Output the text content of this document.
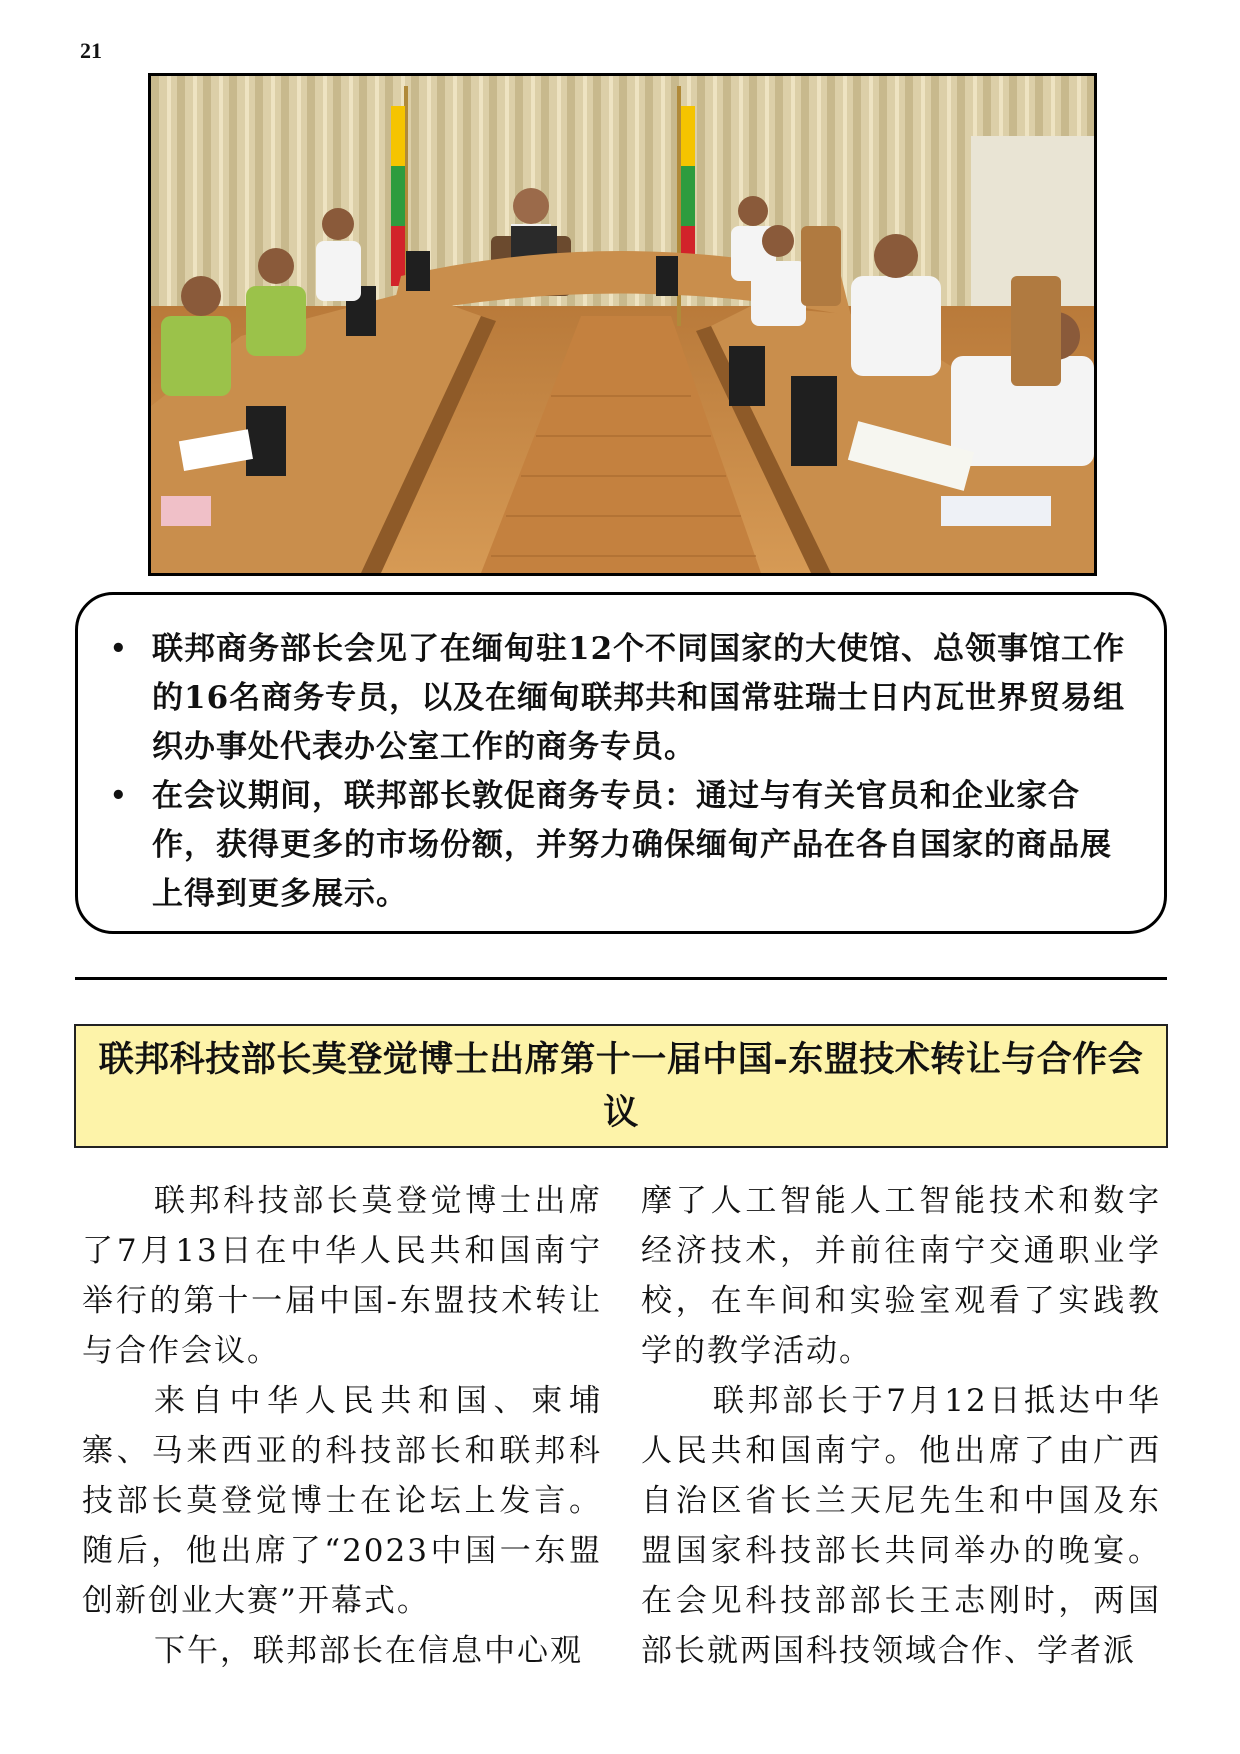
21
• 联邦商务部长会见了在缅甸驻12个不同国家的大使馆、总领事馆工作的16名商务专员，以及在缅甸联邦共和国常驻瑞士日内瓦世界贸易组织办事处代表办公室工作的商务专员。
• 在会议期间，联邦部长敦促商务专员：通过与有关官员和企业家合作，获得更多的市场份额，并努力确保缅甸产品在各自国家的商品展上得到更多展示。
联邦科技部长莫登觉博士出席第十一届中国-东盟技术转让与合作会议

联邦科技部长莫登觉博士出席了7月13日在中华人民共和国南宁举行的第十一届中国-东盟技术转让与合作会议。

来自中华人民共和国、柬埔寨、马来西亚的科技部长和联邦科技部长莫登觉博士在论坛上发言。随后，他出席了“2023中国一东盟创新创业大赛”开幕式。

下午，联邦部长在信息中心观

摩了人工智能人工智能技术和数字经济技术，并前往南宁交通职业学校，在车间和实验室观看了实践教学的教学活动。

联邦部长于7月12日抵达中华人民共和国南宁。他出席了由广西自治区省长兰天尼先生和中国及东盟国家科技部长共同举办的晚宴。在会见科技部部长王志刚时，两国部长就两国科技领域合作、学者派
